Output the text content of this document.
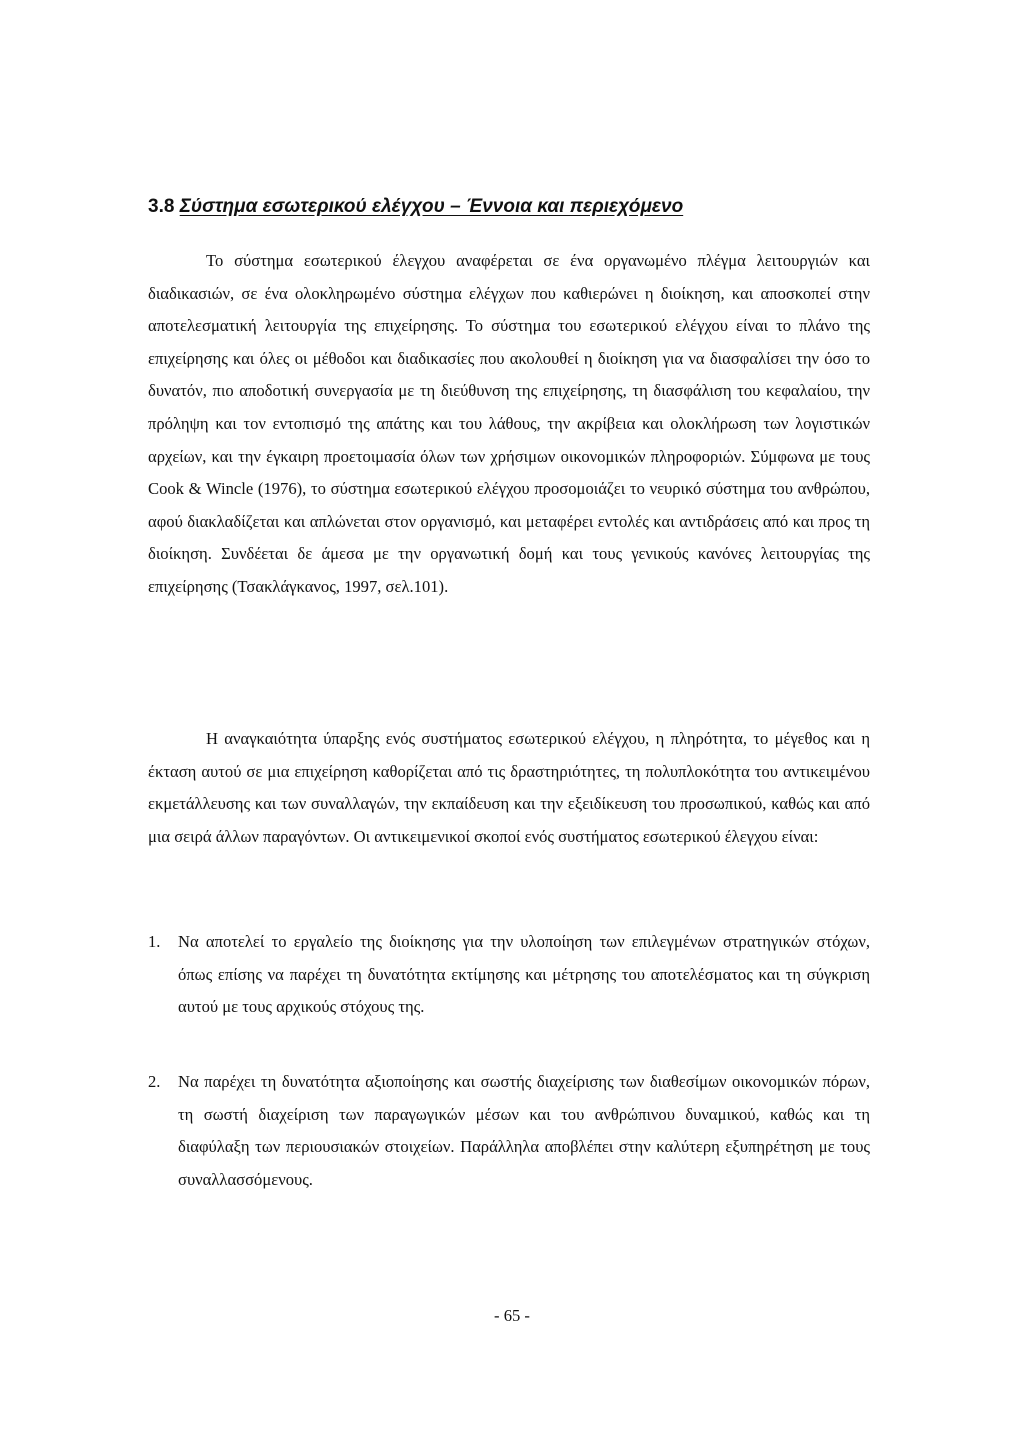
3.8 Σύστημα εσωτερικού ελέγχου – Έννοια και περιεχόμενο

Το σύστημα εσωτερικού έλεγχου αναφέρεται σε ένα οργανωμένο πλέγμα λειτουργιών και διαδικασιών, σε ένα ολοκληρωμένο σύστημα ελέγχων που καθιερώνει η διοίκηση, και αποσκοπεί στην αποτελεσματική λειτουργία της επιχείρησης. Το σύστημα του εσωτερικού ελέγχου είναι το πλάνο της επιχείρησης και όλες οι μέθοδοι και διαδικασίες που ακολουθεί η διοίκηση για να διασφαλίσει την όσο το δυνατόν, πιο αποδοτική συνεργασία με τη διεύθυνση της επιχείρησης, τη διασφάλιση του κεφαλαίου, την πρόληψη και τον εντοπισμό της απάτης και του λάθους, την ακρίβεια και ολοκλήρωση των λογιστικών αρχείων, και την έγκαιρη προετοιμασία όλων των χρήσιμων οικονομικών πληροφοριών. Σύμφωνα με τους Cook & Wincle (1976), το σύστημα εσωτερικού ελέγχου προσομοιάζει το νευρικό σύστημα του ανθρώπου, αφού διακλαδίζεται και απλώνεται στον οργανισμό, και μεταφέρει εντολές και αντιδράσεις από και προς τη διοίκηση. Συνδέεται δε άμεσα με την οργανωτική δομή και τους γενικούς κανόνες λειτουργίας της επιχείρησης (Τσακλάγκανος, 1997, σελ.101).

Η αναγκαιότητα ύπαρξης ενός συστήματος εσωτερικού ελέγχου, η πληρότητα, το μέγεθος και η έκταση αυτού σε μια επιχείρηση καθορίζεται από τις δραστηριότητες, τη πολυπλοκότητα του αντικειμένου εκμετάλλευσης και των συναλλαγών, την εκπαίδευση και την εξειδίκευση του προσωπικού, καθώς και από μια σειρά άλλων παραγόντων. Οι αντικειμενικοί σκοποί ενός συστήματος εσωτερικού έλεγχου είναι:

1.	Να αποτελεί το εργαλείο της διοίκησης για την υλοποίηση των επιλεγμένων στρατηγικών στόχων, όπως επίσης να παρέχει τη δυνατότητα εκτίμησης και μέτρησης του αποτελέσματος και τη σύγκριση αυτού με τους αρχικούς στόχους της.

2.	Να παρέχει τη δυνατότητα αξιοποίησης και σωστής διαχείρισης των διαθεσίμων οικονομικών πόρων, τη σωστή διαχείριση των παραγωγικών μέσων και του ανθρώπινου δυναμικού, καθώς και τη διαφύλαξη των περιουσιακών στοιχείων. Παράλληλα αποβλέπει στην καλύτερη εξυπηρέτηση με τους συναλλασσόμενους.

- 65 -
